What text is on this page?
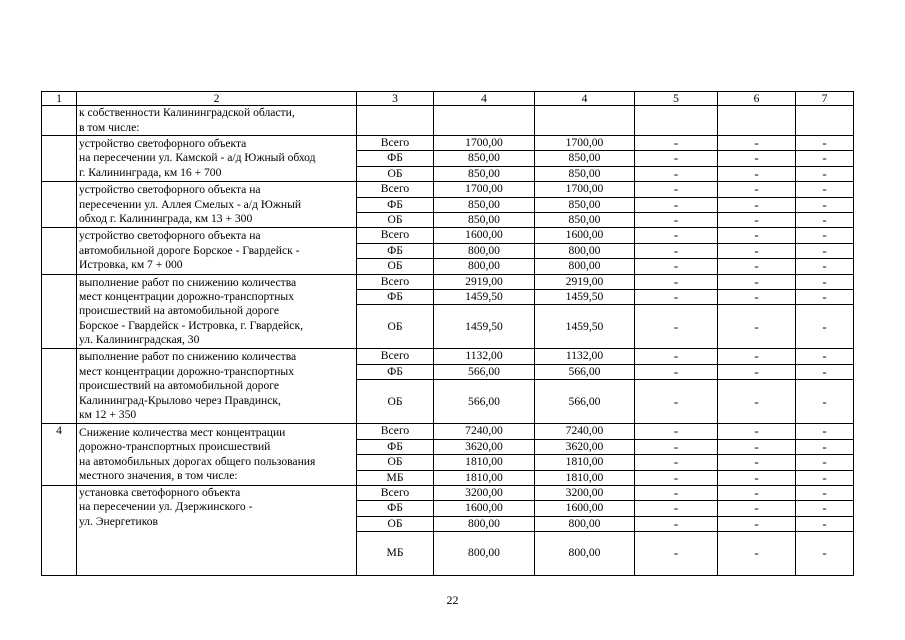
1	2	3	4	4	5	6	7

	к собственности Калининградской области,
в том числе:						

	устройство светофорного объекта
на пересечении ул. Камской - а/д Южный обход
г. Калининграда, км 16 + 700	Всего	1700,00	1700,00	-	-	-
		ФБ	850,00	850,00	-	-	-
		ОБ	850,00	850,00	-	-	-

	устройство светофорного объекта на
пересечении ул. Аллея Смелых - а/д Южный
обход г. Калининграда, км 13 + 300	Всего	1700,00	1700,00	-	-	-
		ФБ	850,00	850,00	-	-	-
		ОБ	850,00	850,00	-	-	-

	устройство светофорного объекта на
автомобильной дороге Борское - Гвардейск -
Истровка, км 7 + 000	Всего	1600,00	1600,00	-	-	-
		ФБ	800,00	800,00	-	-	-
		ОБ	800,00	800,00	-	-	-

	выполнение работ по снижению количества
мест концентрации дорожно-транспортных
происшествий на автомобильной дороге
Борское - Гвардейск - Истровка, г. Гвардейск,
ул. Калининградская, 30	Всего	2919,00	2919,00	-	-	-
		ФБ	1459,50	1459,50	-	-	-
		ОБ	1459,50	1459,50	-	-	-

	выполнение работ по снижению количества
мест концентрации дорожно-транспортных
происшествий на автомобильной дороге
Калининград-Крылово через Правдинск,
км 12 + 350	Всего	1132,00	1132,00	-	-	-
		ФБ	566,00	566,00	-	-	-
		ОБ	566,00	566,00	-	-	-
4	Снижение количества мест концентрации
дорожно-транспортных происшествий
на автомобильных дорогах общего пользования
местного значения, в том числе:	Всего	7240,00	7240,00	-	-	-
		ФБ	3620,00	3620,00	-	-	-
		ОБ	1810,00	1810,00	-	-	-
		МБ	1810,00	1810,00	-	-	-

	установка светофорного объекта
на пересечении ул. Дзержинского -
ул. Энергетиков	Всего	3200,00	3200,00	-	-	-
		ФБ	1600,00	1600,00	-	-	-
		ОБ	800,00	800,00	-	-	-
		МБ	800,00	800,00	-	-	-
22
